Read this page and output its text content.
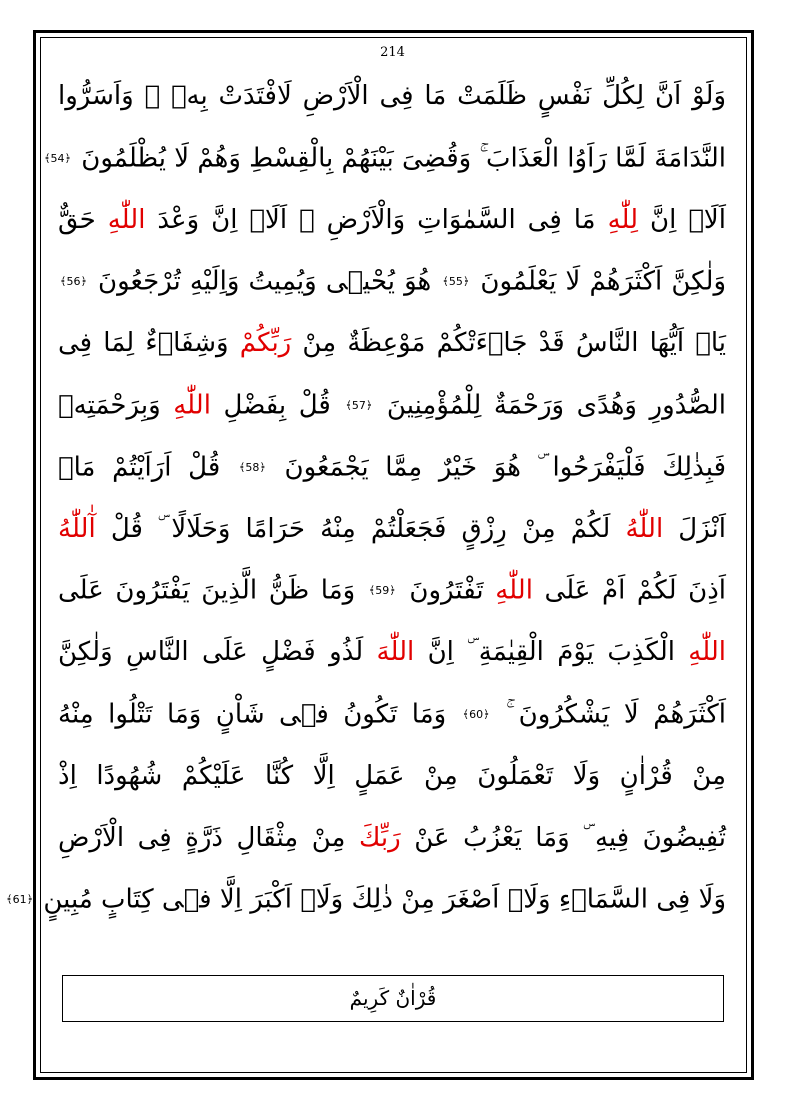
214
وَلَوْ اَنَّ لِكُلِّ نَفْسٍ ظَلَمَتْ مَا فِى الْاَرْضِ لَافْتَدَتْ بِهٖ ۜ وَاَسَرُّوا
النَّدَامَةَ لَمَّا رَاَوُا الْعَذَابَ ۚ وَقُضِىَ بَيْنَهُمْ بِالْقِسْطِ وَهُمْ لَا يُظْلَمُونَ ﴿54﴾
اَلَاۤ اِنَّ لِلّٰهِ مَا فِى السَّمٰوَاتِ وَالْاَرْضِ ۜ اَلَاۤ اِنَّ وَعْدَ اللّٰهِ حَقٌّ
وَلٰكِنَّ اَكْثَرَهُمْ لَا يَعْلَمُونَ ﴿55﴾ هُوَ يُحْيٖى وَيُمِيتُ وَاِلَيْهِ تُرْجَعُونَ ﴿56﴾
يَاۤ اَيُّهَا النَّاسُ قَدْ جَاۤءَتْكُمْ مَوْعِظَةٌ مِنْ رَبِّكُمْ وَشِفَاۤءٌ لِمَا فِى
الصُّدُورِ وَهُدًى وَرَحْمَةٌ لِلْمُؤْمِنِينَ ﴿57﴾ قُلْ بِفَضْلِ اللّٰهِ وَبِرَحْمَتِهٖ
فَبِذٰلِكَ فَلْيَفْرَحُوا ۜ هُوَ خَيْرٌ مِمَّا يَجْمَعُونَ ﴿58﴾ قُلْ اَرَاَيْتُمْ مَاۤ
اَنْزَلَ اللّٰهُ لَكُمْ مِنْ رِزْقٍ فَجَعَلْتُمْ مِنْهُ حَرَامًا وَحَلَالًا ۜ قُلْ آٰللّٰهُ
اَذِنَ لَكُمْ اَمْ عَلَى اللّٰهِ تَفْتَرُونَ ﴿59﴾ وَمَا ظَنُّ الَّذِينَ يَفْتَرُونَ عَلَى
اللّٰهِ الْكَذِبَ يَوْمَ الْقِيٰمَةِ ۜ اِنَّ اللّٰهَ لَذُو فَضْلٍ عَلَى النَّاسِ وَلٰكِنَّ
اَكْثَرَهُمْ لَا يَشْكُرُونَ ۚ ﴿60﴾ وَمَا تَكُونُ فٖى شَاْنٍ وَمَا تَتْلُوا مِنْهُ
مِنْ قُرْاٰنٍ وَلَا تَعْمَلُونَ مِنْ عَمَلٍ اِلَّا كُنَّا عَلَيْكُمْ شُهُودًا اِذْ
تُفِيضُونَ فِيهِ ۜ وَمَا يَعْزُبُ عَنْ رَبِّكَ مِنْ مِثْقَالِ ذَرَّةٍ فِى الْاَرْضِ
وَلَا فِى السَّمَاۤءِ وَلَاۤ اَصْغَرَ مِنْ ذٰلِكَ وَلَاۤ اَكْبَرَ اِلَّا فٖى كِتَابٍ مُبِينٍ ﴿61﴾
قُرْاٰنٌ كَرِيمٌ
